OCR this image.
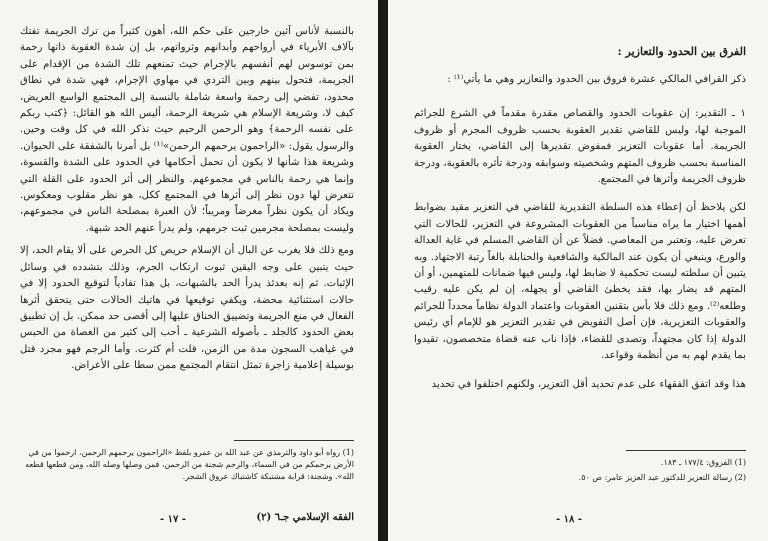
بالنسبة لأناس آثين خارجين على حكم الله، أهون كثيراً من ترك الجريمة تفتك بآلاف الأبرياء في أرواحهم وأبدانهم وثرواتهم، بل إن شدة العقوبة ذاتها رحمة بمن توسوس لهم أنفسهم بالإجرام حيث تمنعهم تلك الشدة من الإقدام على الجريمة، فتحول بينهم وبين التردي في مهاوي الإجرام، فهي شدة في نطاق محدود، تفضي إلى رحمة واسعة شاملة بالنسبة إلى المجتمع الواسع العريض، كيف لا، وشريعة الإسلام هي شريعة الرحمة، أليس الله هو القائل: ﴿كتب ربكم على نفسه الرحمة﴾ وهو الرحمن الرحيم حيث نذكر الله في كل وقت وحين. والرسول يقول: «الراحمون يرحمهم الرحمن»⁽¹⁾ بل أمرنا بالشفقة على الحيوان. وشريعة هذا شأنها لا يكون أن تحمل أحكامها في الحدود على الشدة والقسوة، وإنما هي رحمة بالناس في مجموعهم. والنظر إلى أثر الحدود على القلة التي تتعرض لها دون نظر إلى أثرها في المجتمع ككل، هو نظر مقلوب ومعكوس. ويكاد أن يكون نظراً مغرضاً ومريباً؛ لأن العبرة بمصلحة الناس في مجموعهم، وليست بمصلحة مجرمين ثبت جرمهم، ولم يدرأ عنهم الحد شبهة.

ومع ذلك فلا يغرب عن البال أن الإسلام حريص كل الحرص على ألا يقام الحد، إلا حيث يتبين على وجه اليقين ثبوت ارتكاب الجرم، وذلك بتشدده في وسائل الإثبات. ثم إنه بعدئذ يدرأ الحد بالشبهات، بل هذا تفادياً لتوقيع الحدود إلا في حالات استثنائية محضة، ويكفي توقيعها في هاتيك الحالات حتى يتحقق أثرها الفعال في منع الجريمة وتضييق الخناق عليها إلى أقصى حد ممكن. بل إن تطبيق بعض الحدود كالجلد ـ بأصوله الشرعية ـ أحب إلى كثير من العصاة من الحبس في غياهب السجون مدة من الزمن، قلت أم كثرت. وأما الرجم فهو مجرد قتل بوسيلة إعلامية زاجرة تمثل انتقام المجتمع ممن سطا على الأعراض.

(1) رواه أبو داود والترمذي عن عبد الله بن عمرو بلفظ «الراحمون يرحمهم الرحمن، ارحموا من في الأرض يرحمكم من في السماء، والرحم شجنة من الرحمن، فمن وصلها وصله الله، ومن قطعها قطعه الله». وشجنة: قرابة مشتبكة كاشتباك عروق الشجر.
- ١٧ -	الفقه الإسلامي جـ٦ (٢)

الفرق بين الحدود والتعازير :

ذكر القرافي المالكي عشرة فروق بين الحدود والتعازير وهي ما يأتي⁽¹⁾ :

١ ـ التقدير: إن عقوبات الحدود والقصاص مقدرة مقدماً في الشرع للجرائم الموجبة لها، وليس للقاضي تقدير العقوبة بحسب ظروف المجرم أو ظروف الجريمة. أما عقوبات التعزير فمفوض تقديرها إلى القاضي، يختار العقوبة المناسبة بحسب ظروف المتهم وشخصيته وسوابقه ودرجة تأثره بالعقوبة، ودرجة ظروف الجريمة وأثرها في المجتمع.

لكن يلاحظ أن إعطاء هذه السلطة التقديرية للقاضي في التعزير مقيد بضوابط أهمها اختيار ما يراه مناسباً من العقوبات المشروعة في التعزير، للحالات التي تعرض عليه، وتعتبر من المعاصي. فضلاً عن أن القاضي المسلم في غاية العدالة والورع، وينبغي أن يكون عند المالكية والشافعية والحنابلة بالغاً رتبة الاجتهاد. وبه يتبين أن سلطته ليست تحكمية لا ضابط لها، وليس فيها ضمانات للمتهمين، أو أن المتهم قد يضار بها، فقد يخطئ القاضي أو يجهله، إن لم يكن عليه رقيب وطلعه⁽²⁾. ومع ذلك فلا بأس بتقنين العقوبات واعتماد الدولة نظاماً محدداً للجرائم والعقوبات التعزيرية، فإن أصل التفويض في تقدير التعزير هو للإمام أي رئيس الدولة إذا كان مجتهداً، وتصدى للقضاء، فإذا ناب عنه قضاة متخصصون، تقيدوا بما يقدم لهم به من أنظمة وقواعد.

هذا وقد اتفق الفقهاء على عدم تحديد أقل التعزير، ولكنهم اختلفوا في تحديد

(1) الفروق: ١٧٧/٤ ـ ١٨٣.
(2) رسالة التعزير للدكتور عبد العزيز عامر: ص ٥٠.
- ١٨ -
